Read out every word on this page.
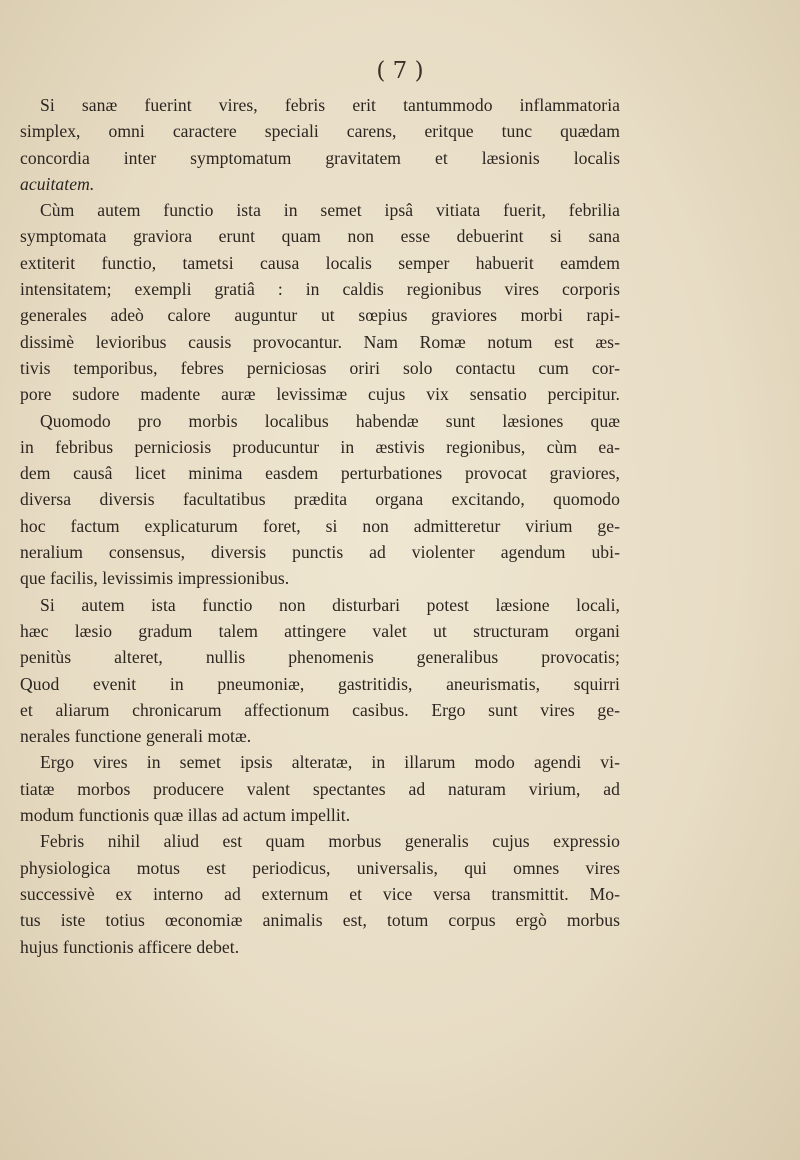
( 7 )
Si sanæ fuerint vires, febris erit tantummodo inflammatoria
simplex, omni caractere speciali carens, eritque tunc quædam
concordia inter symptomatum gravitatem et læsionis localis
acuitatem.
Cùm autem functio ista in semet ipsâ vitiata fuerit, febrilia
symptomata graviora erunt quam non esse debuerint si sana
extiterit functio, tametsi causa localis semper habuerit eamdem
intensitatem; exempli gratiâ : in caldis regionibus vires corporis
generales adeò calore auguntur ut sœpius graviores morbi rapi-
dissimè levioribus causis provocantur. Nam Romæ notum est æs-
tivis temporibus, febres perniciosas oriri solo contactu cum cor-
pore sudore madente auræ levissimæ cujus vix sensatio percipitur.
Quomodo pro morbis localibus habendæ sunt læsiones quæ
in febribus perniciosis producuntur in æstivis regionibus, cùm ea-
dem causâ licet minima easdem perturbationes provocat graviores,
diversa diversis facultatibus prædita organa excitando, quomodo
hoc factum explicaturum foret, si non admitteretur virium ge-
neralium consensus, diversis punctis ad violenter agendum ubi-
que facilis, levissimis impressionibus.
Si autem ista functio non disturbari potest læsione locali,
hæc læsio gradum talem attingere valet ut structuram organi
penitùs alteret, nullis phenomenis generalibus provocatis;
Quod evenit in pneumoniæ, gastritidis, aneurismatis, squirri
et aliarum chronicarum affectionum casibus. Ergo sunt vires ge-
nerales functione generali motæ.
Ergo vires in semet ipsis alteratæ, in illarum modo agendi vi-
tiatæ morbos producere valent spectantes ad naturam virium, ad
modum functionis quæ illas ad actum impellit.
Febris nihil aliud est quam morbus generalis cujus expressio
physiologica motus est periodicus, universalis, qui omnes vires
successivè ex interno ad externum et vice versa transmittit. Mo-
tus iste totius œconomiæ animalis est, totum corpus ergò morbus
hujus functionis afficere debet.
